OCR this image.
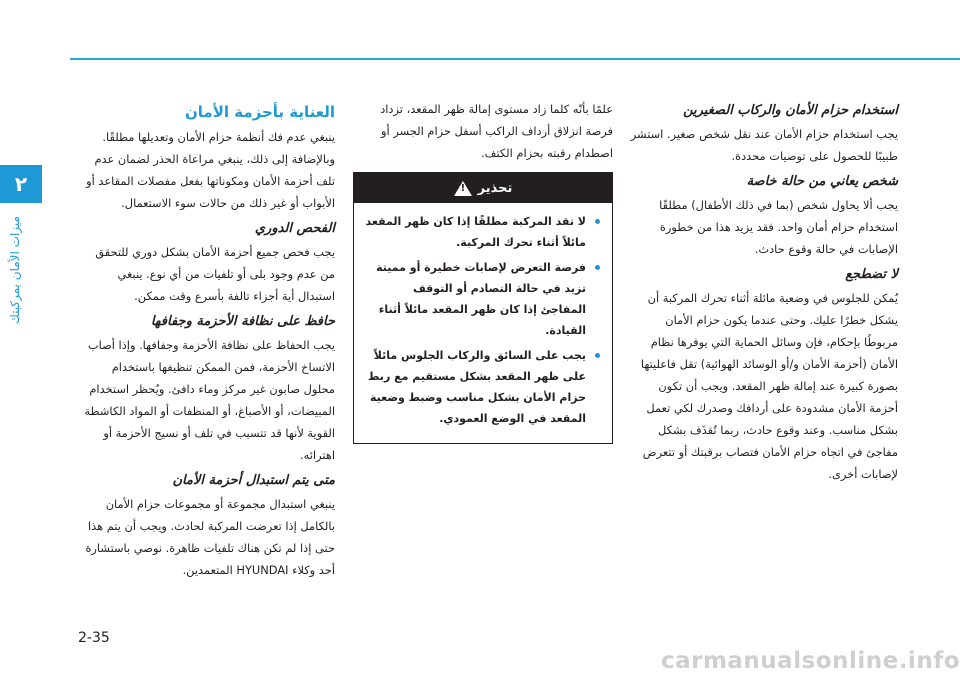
٢
ميزات الأمان بمركبتك
استخدام حزام الأمان والركاب الصغيرين

يجب استخدام حزام الأمان عند نقل شخص صغير. استشر طبيبًا للحصول على توصيات محددة.

شخص يعاني من حالة خاصة

يجب ألا يحاول شخص (بما في ذلك الأطفال) مطلقًا استخدام حزام أمان واحد. فقد يزيد هذا من خطورة الإصابات في حالة وقوع حادث.

لا تضطجع

يُمكن للجلوس في وضعية مائلة أثناء تحرك المركبة أن يشكل خطرًا عليك. وحتى عندما يكون حزام الأمان مربوطًا بإحكام، فإن وسائل الحماية التي يوفرها نظام الأمان (أحزمة الأمان و/أو الوسائد الهوائية) تقل فاعليتها بصورة كبيرة عند إمالة ظهر المقعد. ويجب أن تكون أحزمة الأمان مشدودة على أردافك وصدرك لكي تعمل بشكل مناسب. وعند وقوع حادث، ربما تُقذَف بشكل مفاجئ في اتجاه حزام الأمان فتصاب برقبتك أو تتعرض لإصابات أخرى.

علمًا بأنّه كلما زاد مستوى إمالة ظهر المقعد، تزداد فرصة انزلاق أرداف الراكب أسفل حزام الجسر أو اصطدام رقبته بحزام الكتف.

تحذير
!
لا تقد المركبة مطلقًا إذا كان ظهر المقعد مائلاً أثناء تحرك المركبة.
فرصة التعرض لإصابات خطيرة أو مميتة تزيد في حالة التصادم أو التوقف المفاجئ إذا كان ظهر المقعد مائلاً أثناء القيادة.
يجب على السائق والركاب الجلوس مائلاً على ظهر المقعد بشكل مستقيم مع ربط حزام الأمان بشكل مناسب وضبط وضعية المقعد في الوضع العمودي.
العناية بأحزمة الأمان

ينبغي عدم فك أنظمة حزام الأمان وتعديلها مطلقًا. وبالإضافة إلى ذلك، ينبغي مراعاة الحذر لضمان عدم تلف أحزمة الأمان ومكوناتها بفعل مفصلات المقاعد أو الأبواب أو غير ذلك من حالات سوء الاستعمال.

الفحص الدوري

يجب فحص جميع أحزمة الأمان بشكل دوري للتحقق من عدم وجود بلى أو تلفيات من أي نوع. ينبغي استبدال أية أجزاء تالفة بأسرع وقت ممكن.

حافظ على نظافة الأحزمة وجفافها

يجب الحفاظ على نظافة الأحزمة وجفافها. وإذا أصاب الاتساخ الأحزمة، فمن الممكن تنظيفها باستخدام محلول صابون غير مركز وماء دافئ. ويُحظر استخدام المبيضات، أو الأصباغ، أو المنظفات أو المواد الكاشطة القوية لأنها قد تتسبب في تلف أو نسيج الأحزمة أو اهترائه.

متى يتم استبدال أحزمة الأمان

ينبغي استبدال مجموعة أو مجموعات حزام الأمان بالكامل إذا تعرضت المركبة لحادث. ويجب أن يتم هذا حتى إذا لم تكن هناك تلفيات ظاهرة. نوصي باستشارة أحد وكلاء HYUNDAI المتعمدين.

2-35
carmanualsonline.info
